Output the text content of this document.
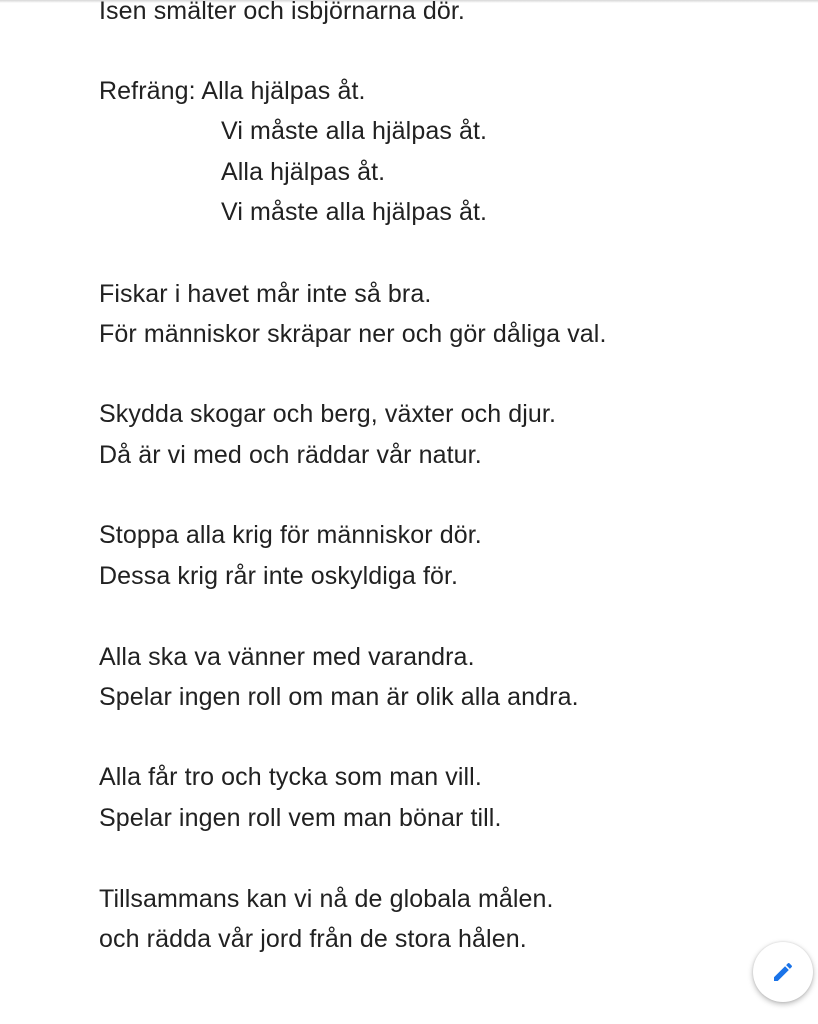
Isen smälter och isbjörnarna dör.
Refräng: Alla hjälpas åt.
Vi måste alla hjälpas åt.
Alla hjälpas åt.
Vi måste alla hjälpas åt.
Fiskar i havet mår inte så bra.
För människor skräpar ner och gör dåliga val.
Skydda skogar och berg, växter och djur.
Då är vi med och räddar vår natur.
Stoppa alla krig för människor dör.
Dessa krig rår inte oskyldiga för.
Alla ska va vänner med varandra.
Spelar ingen roll om man är olik alla andra.
Alla får tro och tycka som man vill.
Spelar ingen roll vem man bönar till.
Tillsammans kan vi nå de globala målen.
och rädda vår jord från de stora hålen.
